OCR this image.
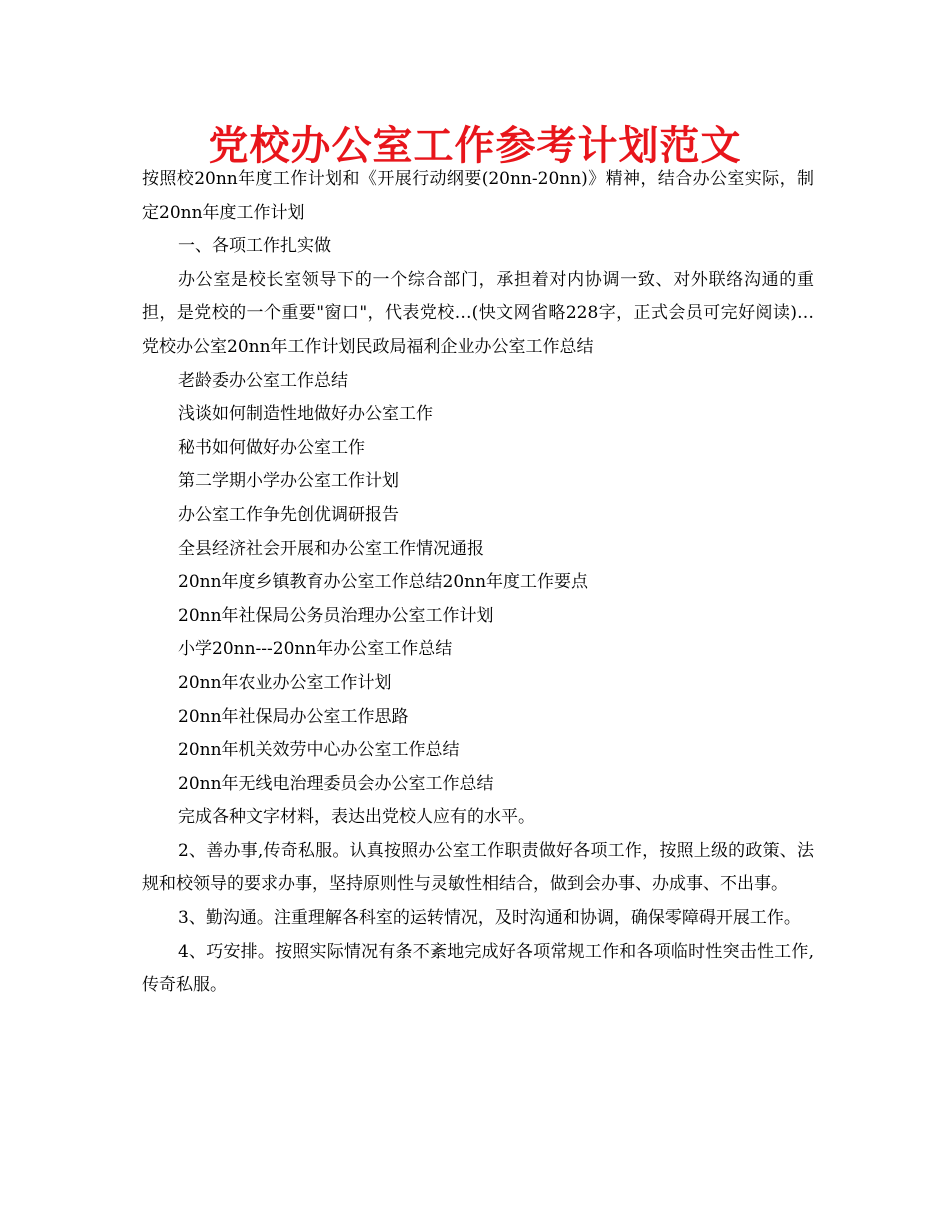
党校办公室工作参考计划范文

按照校20nn年度工作计划和《开展行动纲要(20nn-20nn)》精神，结合办公室实际，制定20nn年度工作计划

一、各项工作扎实做

办公室是校长室领导下的一个综合部门，承担着对内协调一致、对外联络沟通的重担，是党校的一个重要"窗口"，代表党校…(快文网省略228字，正式会员可完好阅读)…党校办公室20nn年工作计划民政局福利企业办公室工作总结

老龄委办公室工作总结

浅谈如何制造性地做好办公室工作

秘书如何做好办公室工作

第二学期小学办公室工作计划

办公室工作争先创优调研报告

全县经济社会开展和办公室工作情况通报

20nn年度乡镇教育办公室工作总结20nn年度工作要点

20nn年社保局公务员治理办公室工作计划

小学20nn---20nn年办公室工作总结

20nn年农业办公室工作计划

20nn年社保局办公室工作思路

20nn年机关效劳中心办公室工作总结

20nn年无线电治理委员会办公室工作总结

完成各种文字材料，表达出党校人应有的水平。

2、善办事,传奇私服。认真按照办公室工作职责做好各项工作，按照上级的政策、法规和校领导的要求办事，坚持原则性与灵敏性相结合，做到会办事、办成事、不出事。

3、勤沟通。注重理解各科室的运转情况，及时沟通和协调，确保零障碍开展工作。

4、巧安排。按照实际情况有条不紊地完成好各项常规工作和各项临时性突击性工作,传奇私服。
